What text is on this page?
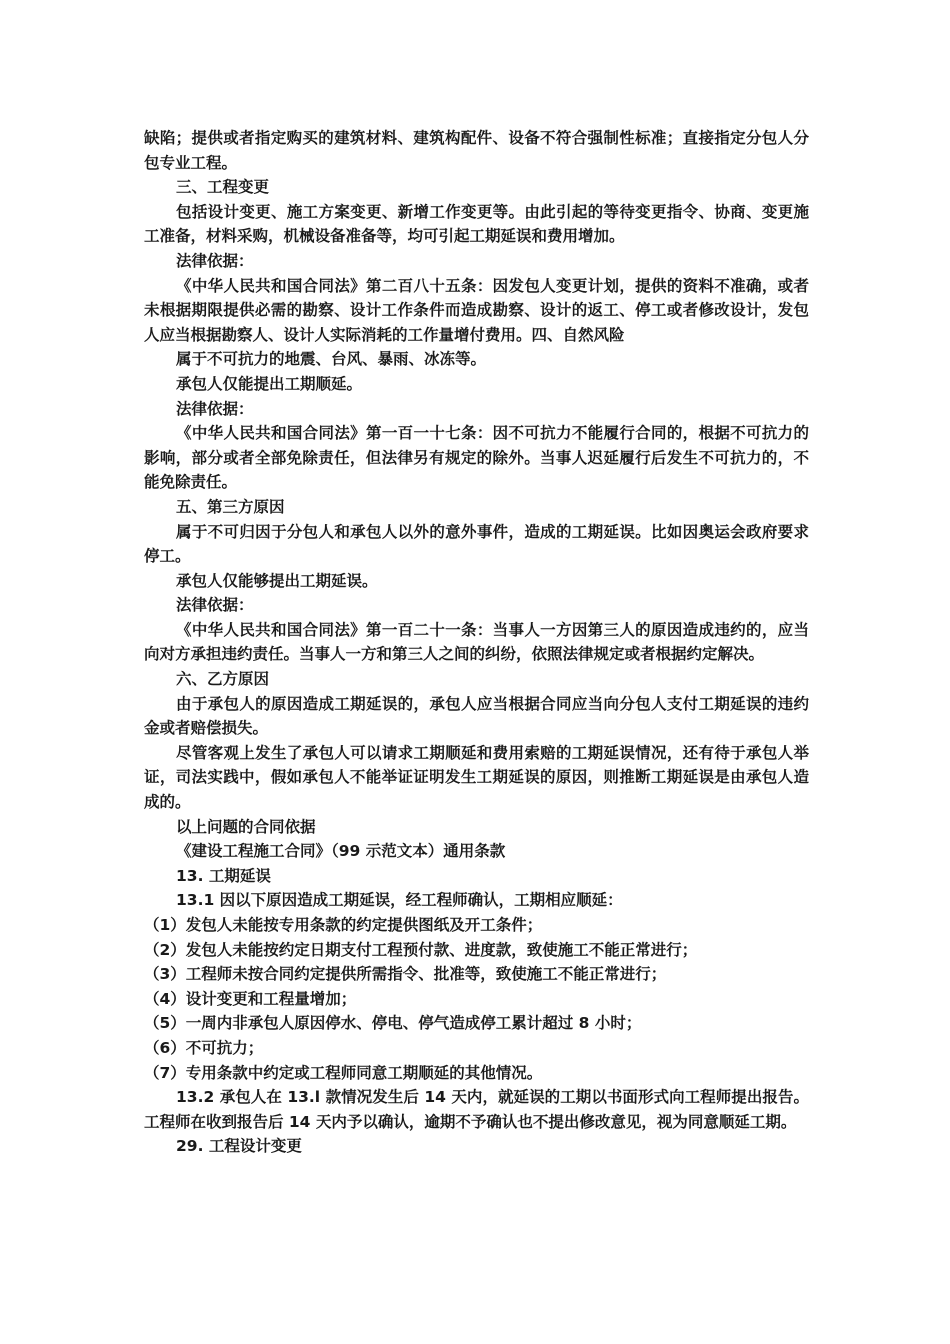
缺陷；提供或者指定购买的建筑材料、建筑构配件、设备不符合强制性标准；直接指定分包人分包专业工程。

三、工程变更

包括设计变更、施工方案变更、新增工作变更等。由此引起的等待变更指令、协商、变更施工准备，材料采购，机械设备准备等，均可引起工期延误和费用增加。

法律依据：

《中华人民共和国合同法》第二百八十五条：因发包人变更计划，提供的资料不准确，或者未根据期限提供必需的勘察、设计工作条件而造成勘察、设计的返工、停工或者修改设计，发包人应当根据勘察人、设计人实际消耗的工作量增付费用。四、自然风险

属于不可抗力的地震、台风、暴雨、冰冻等。

承包人仅能提出工期顺延。

法律依据：

《中华人民共和国合同法》第一百一十七条：因不可抗力不能履行合同的，根据不可抗力的影响，部分或者全部免除责任，但法律另有规定的除外。当事人迟延履行后发生不可抗力的，不能免除责任。

五、第三方原因

属于不可归因于分包人和承包人以外的意外事件，造成的工期延误。比如因奥运会政府要求停工。

承包人仅能够提出工期延误。

法律依据：

《中华人民共和国合同法》第一百二十一条：当事人一方因第三人的原因造成违约的，应当向对方承担违约责任。当事人一方和第三人之间的纠纷，依照法律规定或者根据约定解决。

六、乙方原因

由于承包人的原因造成工期延误的，承包人应当根据合同应当向分包人支付工期延误的违约金或者赔偿损失。

尽管客观上发生了承包人可以请求工期顺延和费用索赔的工期延误情况，还有待于承包人举证，司法实践中，假如承包人不能举证证明发生工期延误的原因，则推断工期延误是由承包人造成的。

以上问题的合同依据

《建设工程施工合同》（99 示范文本）通用条款

13. 工期延误

13.1 因以下原因造成工期延误，经工程师确认，工期相应顺延：

（1）发包人未能按专用条款的约定提供图纸及开工条件；

（2）发包人未能按约定日期支付工程预付款、进度款，致使施工不能正常进行；

（3）工程师未按合同约定提供所需指令、批准等，致使施工不能正常进行；

（4）设计变更和工程量增加；

（5）一周内非承包人原因停水、停电、停气造成停工累计超过 8 小时；

（6）不可抗力；

（7）专用条款中约定或工程师同意工期顺延的其他情况。

13.2 承包人在 13.l 款情况发生后 14 天内，就延误的工期以书面形式向工程师提出报告。工程师在收到报告后 14 天内予以确认，逾期不予确认也不提出修改意见，视为同意顺延工期。

29. 工程设计变更
